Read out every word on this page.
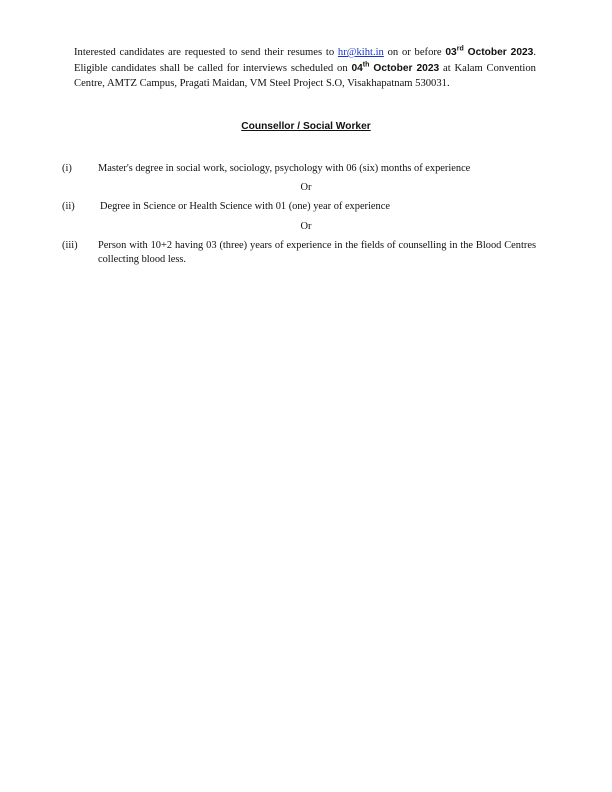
Interested candidates are requested to send their resumes to hr@kiht.in on or before 03rd October 2023. Eligible candidates shall be called for interviews scheduled on 04th October 2023 at Kalam Convention Centre, AMTZ Campus, Pragati Maidan, VM Steel Project S.O, Visakhapatnam 530031.

Counsellor / Social Worker

(i)	Master's degree in social work, sociology, psychology with 06 (six) months of experience
Or
(ii) Degree in Science or Health Science with 01 (one) year of experience
Or
(iii) Person with 10+2 having 03 (three) years of experience in the fields of counselling in the Blood Centres collecting blood less.
